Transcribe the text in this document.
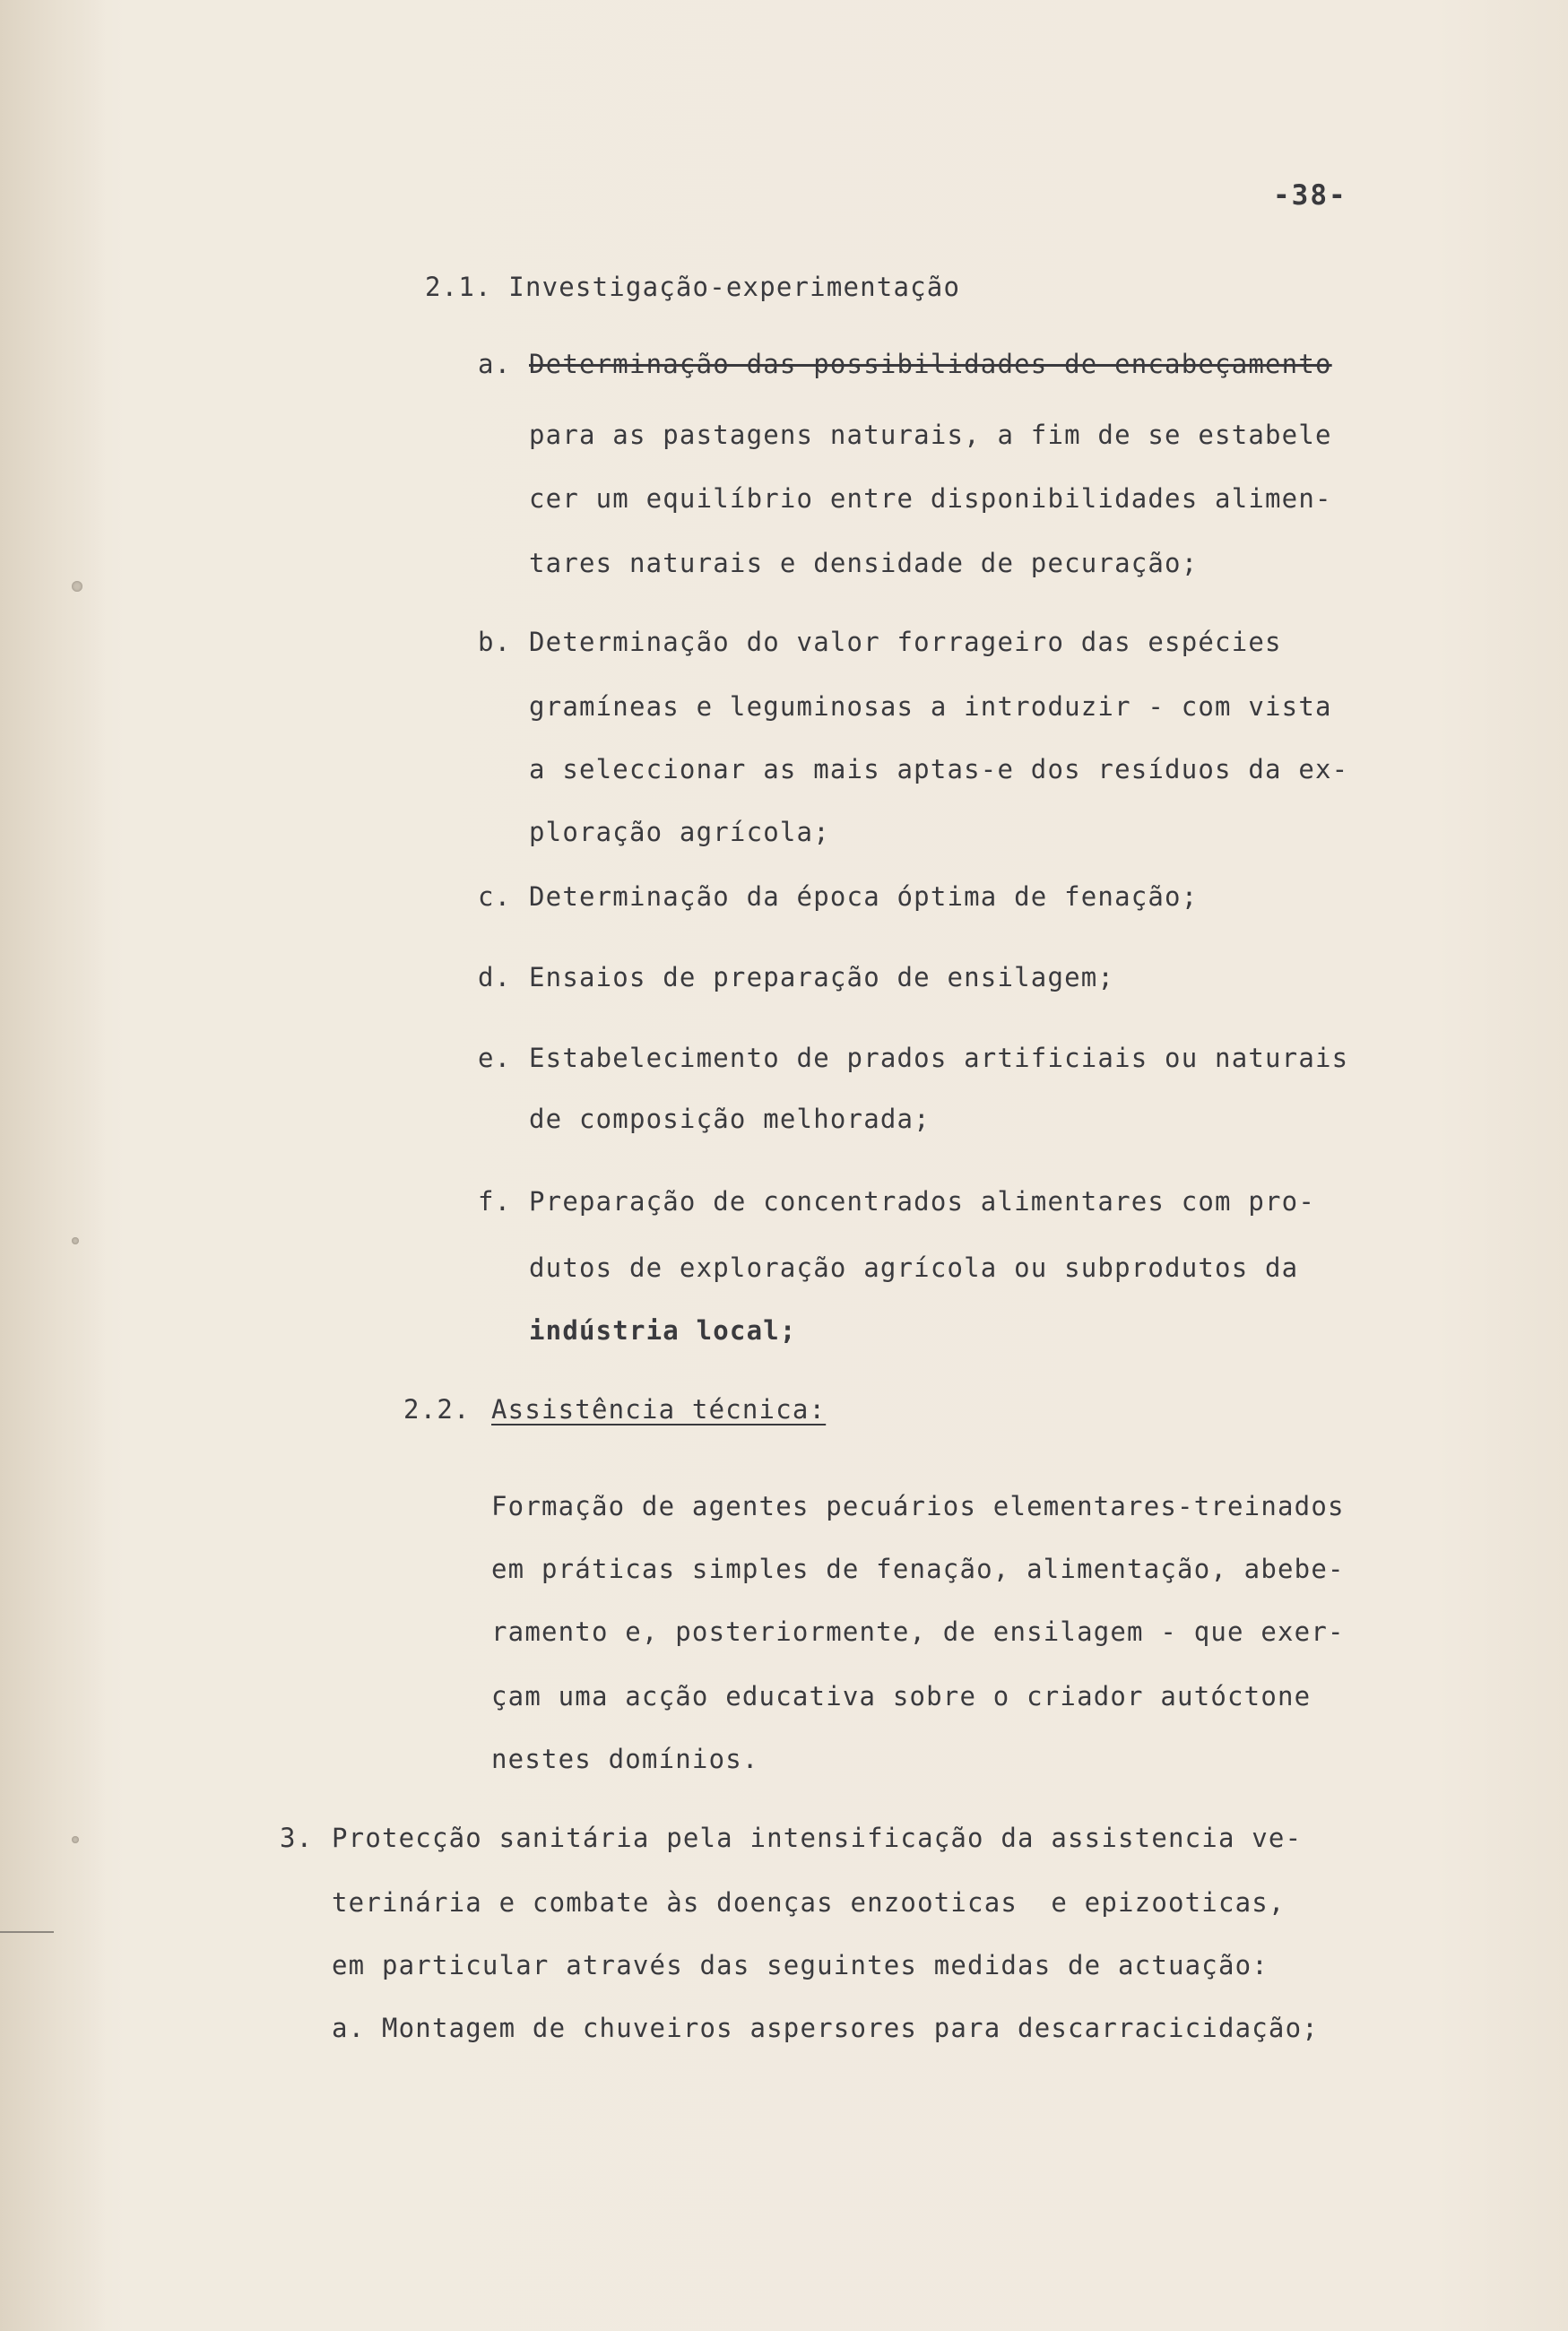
-38-

2.1. Investigação-experimentação

a. Determinação das possibilidades de encabeçamento

para as pastagens naturais, a fim de se estabele

cer um equilíbrio entre disponibilidades alimen-

tares naturais e densidade de pecuração;

b. Determinação do valor forrageiro das espécies

gramíneas e leguminosas a introduzir - com vista

a seleccionar as mais aptas-e dos resíduos da ex-

ploração agrícola;

c. Determinação da época óptima de fenação;

d. Ensaios de preparação de ensilagem;

e. Estabelecimento de prados artificiais ou naturais

de composição melhorada;

f. Preparação de concentrados alimentares com pro-

dutos de exploração agrícola ou subprodutos da

indústria local;

2.2. Assistência técnica:

Formação de agentes pecuários elementares-treinados

em práticas simples de fenação, alimentação, abebe-

ramento e, posteriormente, de ensilagem - que exer-

çam uma acção educativa sobre o criador autóctone

nestes domínios.

3. Protecção sanitária pela intensificação da assistencia ve-

terinária e combate às doenças enzooticas  e epizooticas,

em particular através das seguintes medidas de actuação:

a. Montagem de chuveiros aspersores para descarracicidação;
